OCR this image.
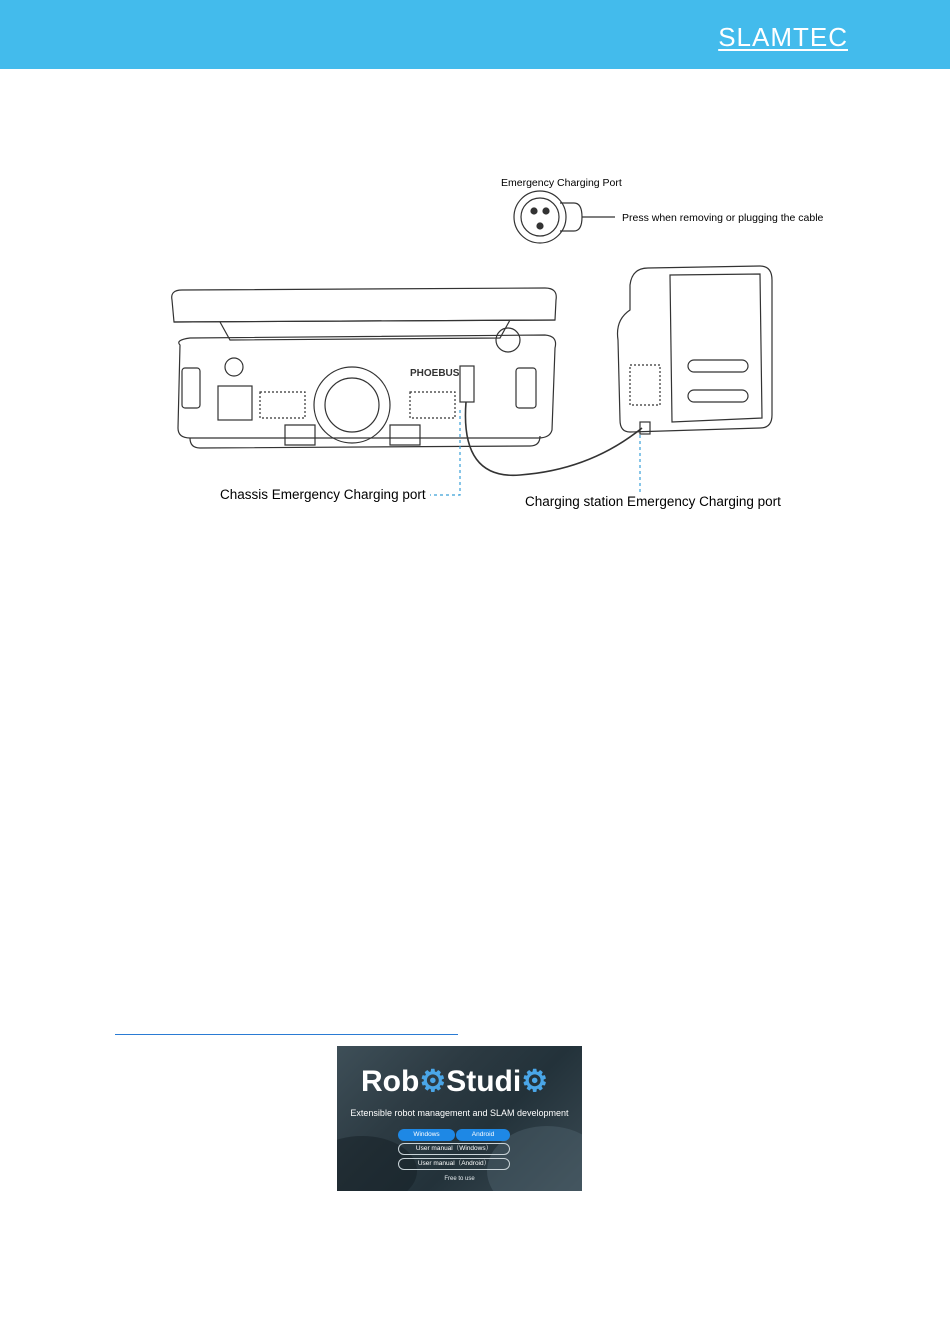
SLAMTEC
Emergency Charging Port
Press when removing or plugging the cable
PHOEBUS
Chassis Emergency Charging port	Charging station Emergency Charging port
Rob⚙Studi⚙
Extensible robot management and SLAM development
Windows	Android
User manual（Windows）
User manual（Android）
Free to use
